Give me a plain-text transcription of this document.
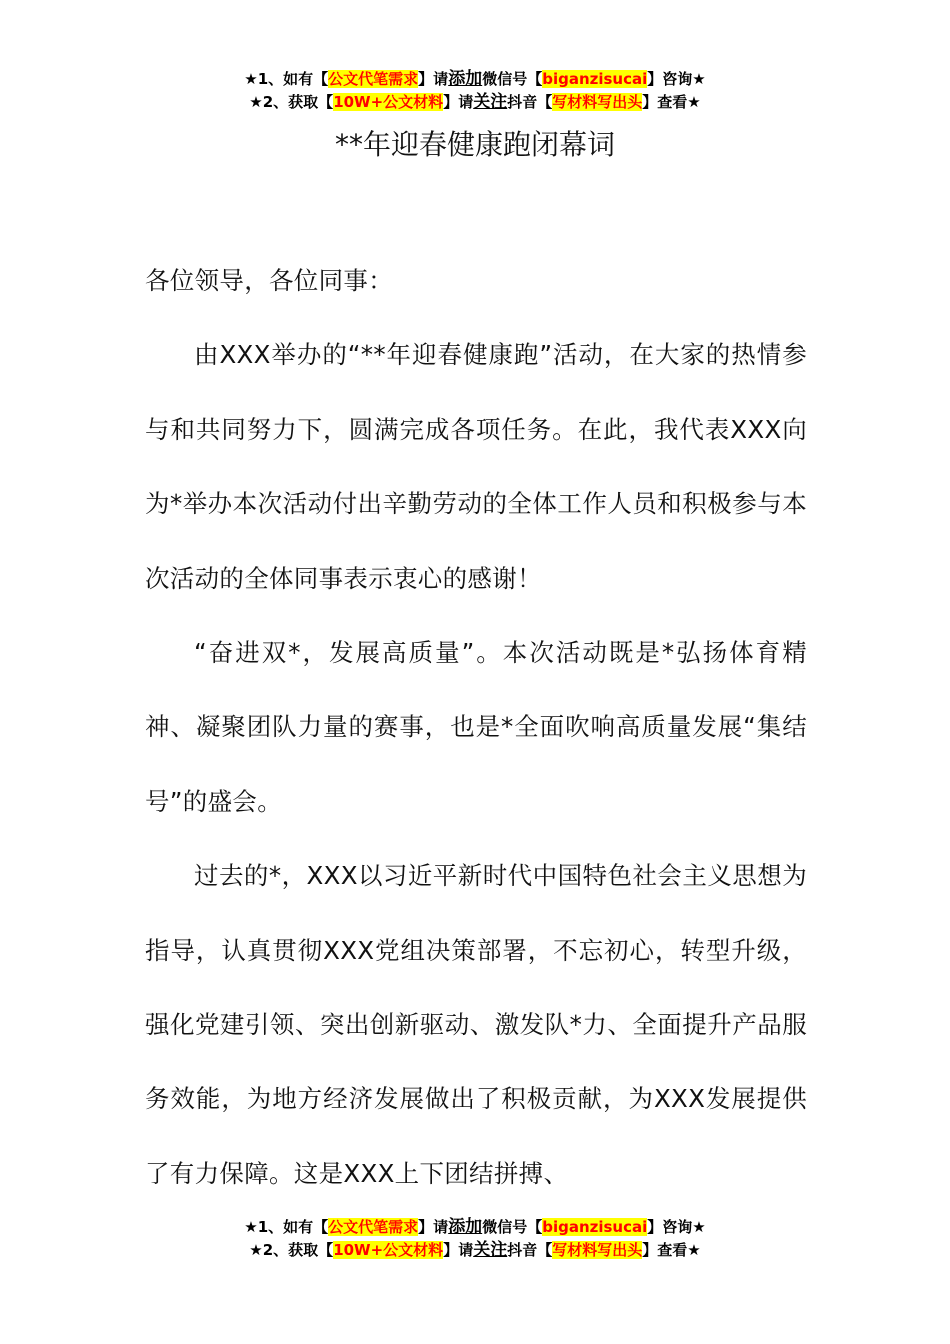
★1、如有【公文代笔需求】请添加微信号【biganzisucai】咨询★
★2、获取【10W+公文材料】请关注抖音【写材料写出头】查看★
**年迎春健康跑闭幕词

各位领导，各位同事：

由XXX举办的“**年迎春健康跑”活动，在大家的热情参与和共同努力下，圆满完成各项任务。在此，我代表XXX向为*举办本次活动付出辛勤劳动的全体工作人员和积极参与本次活动的全体同事表示衷心的感谢！

“奋进双*，发展高质量”。本次活动既是*弘扬体育精神、凝聚团队力量的赛事，也是*全面吹响高质量发展“集结号”的盛会。

过去的*，XXX以习近平新时代中国特色社会主义思想为指导，认真贯彻XXX党组决策部署，不忘初心，转型升级，强化党建引领、突出创新驱动、激发队*力、全面提升产品服务效能，为地方经济发展做出了积极贡献，为XXX发展提供了有力保障。这是XXX上下团结拼搏、

★1、如有【公文代笔需求】请添加微信号【biganzisucai】咨询★
★2、获取【10W+公文材料】请关注抖音【写材料写出头】查看★
